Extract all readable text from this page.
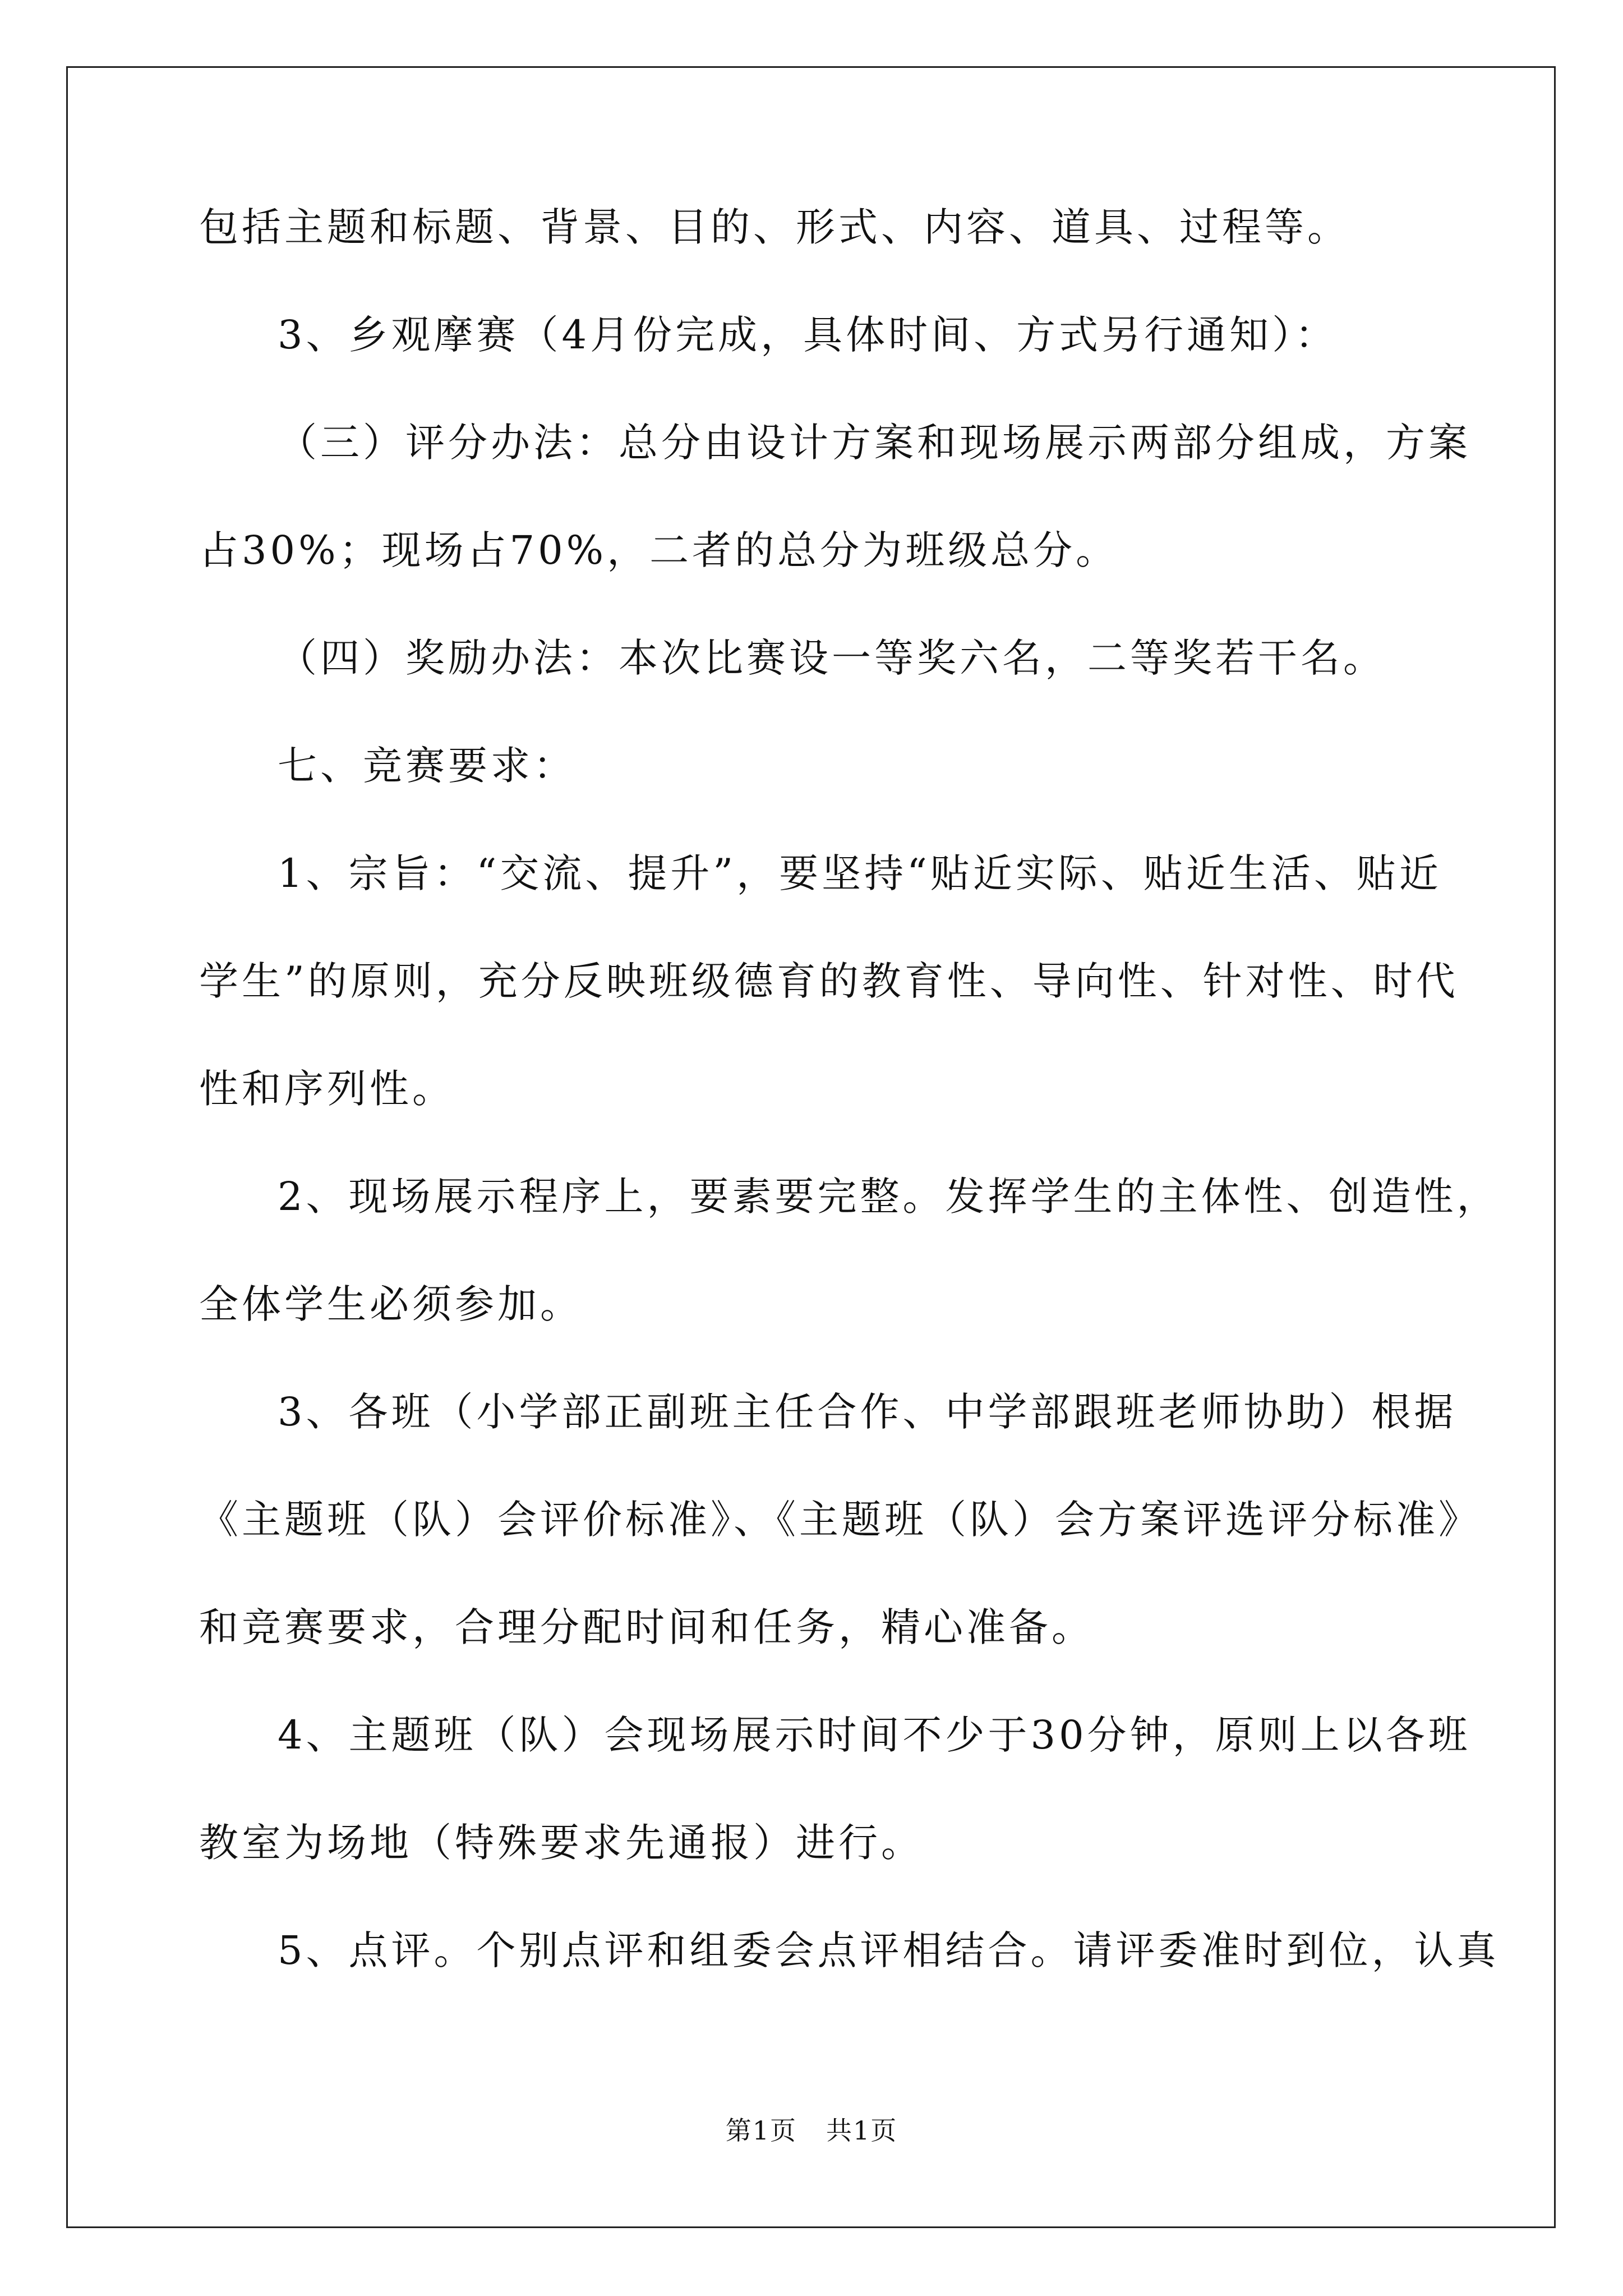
包括主题和标题、背景、目的、形式、内容、道具、过程等。
3、乡观摩赛（4月份完成，具体时间、方式另行通知）：
（三）评分办法：总分由设计方案和现场展示两部分组成，方案
占30%；现场占70%，二者的总分为班级总分。
（四）奖励办法：本次比赛设一等奖六名，二等奖若干名。
七、竞赛要求：
1、宗旨：“交流、提升”，要坚持“贴近实际、贴近生活、贴近
学生”的原则，充分反映班级德育的教育性、导向性、针对性、时代
性和序列性。
2、现场展示程序上，要素要完整。发挥学生的主体性、创造性，
全体学生必须参加。
3、各班（小学部正副班主任合作、中学部跟班老师协助）根据
《主题班（队）会评价标准》、《主题班（队）会方案评选评分标准》
和竞赛要求，合理分配时间和任务，精心准备。
4、主题班（队）会现场展示时间不少于30分钟，原则上以各班
教室为场地（特殊要求先通报）进行。
5、点评。个别点评和组委会点评相结合。请评委准时到位，认真
第1页 共1页
